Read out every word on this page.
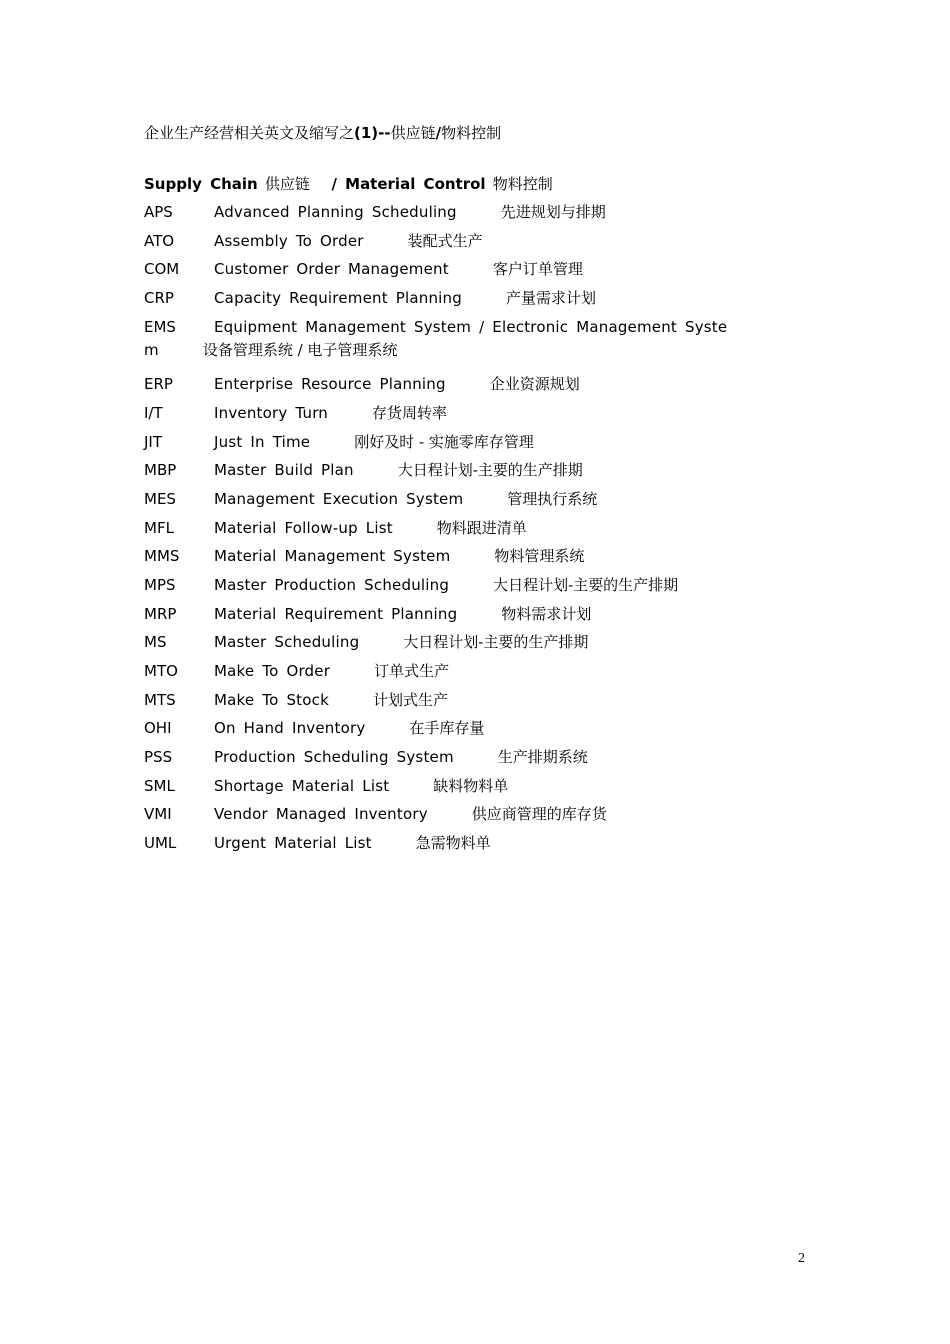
企业生产经营相关英文及缩写之(1)--供应链/物料控制
Supply Chain 供应链 / Material Control 物料控制
APS	Advanced Planning Scheduling	先进规划与排期
ATO	Assembly To Order	装配式生产
COM Customer Order Management	客户订单管理
CRP	Capacity Requirement Planning	产量需求计划
EMS	Equipment Management System / Electronic Management Syste
m	设备管理系统 / 电子管理系统
ERP	Enterprise Resource Planning	企业资源规划
I/T	Inventory Turn	存货周转率
JIT	Just In Time	刚好及时 - 实施零库存管理
MBP	Master Build Plan	大日程计划-主要的生产排期
MES	Management Execution System	管理执行系统
MFL	Material Follow-up List	物料跟进清单
MMS Material Management System	物料管理系统
MPS	Master Production Scheduling	大日程计划-主要的生产排期
MRP	Material Requirement Planning	物料需求计划
MS	Master Scheduling	大日程计划-主要的生产排期
MTO Make To Order	订单式生产
MTS	Make To Stock	计划式生产
OHI	On Hand Inventory	在手库存量
PSS	Production Scheduling System	生产排期系统
SML	Shortage Material List	缺料物料单
VMI	Vendor Managed Inventory	供应商管理的库存货
UML	Urgent Material List	急需物料单
2
